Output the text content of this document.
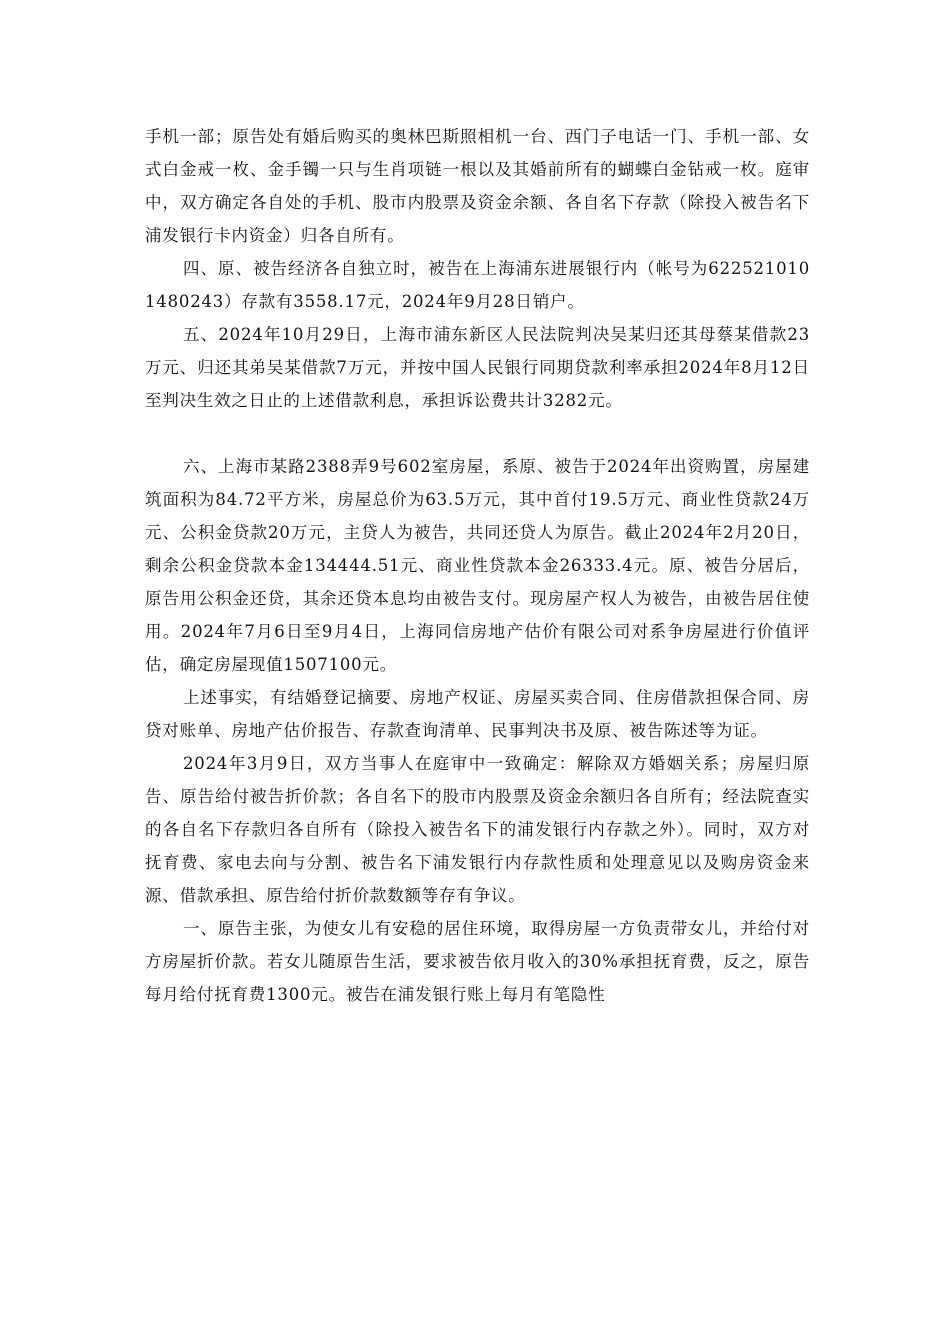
手机一部；原告处有婚后购买的奥林巴斯照相机一台、西门子电话一门、手机一部、女式白金戒一枚、金手镯一只与生肖项链一根以及其婚前所有的蝴蝶白金钻戒一枚。庭审中，双方确定各自处的手机、股市内股票及资金余额、各自名下存款（除投入被告名下浦发银行卡内资金）归各自所有。

四、原、被告经济各自独立时，被告在上海浦东进展银行内（帐号为6225210101480243）存款有3558.17元，2024年9月28日销户。

五、2024年10月29日，上海市浦东新区人民法院判决吴某归还其母蔡某借款23万元、归还其弟吴某借款7万元，并按中国人民银行同期贷款利率承担2024年8月12日至判决生效之日止的上述借款利息，承担诉讼费共计3282元。

六、上海市某路2388弄9号602室房屋，系原、被告于2024年出资购置，房屋建筑面积为84.72平方米，房屋总价为63.5万元，其中首付19.5万元、商业性贷款24万元、公积金贷款20万元，主贷人为被告，共同还贷人为原告。截止2024年2月20日，剩余公积金贷款本金134444.51元、商业性贷款本金26333.4元。原、被告分居后，原告用公积金还贷，其余还贷本息均由被告支付。现房屋产权人为被告，由被告居住使用。2024年7月6日至9月4日，上海同信房地产估价有限公司对系争房屋进行价值评估，确定房屋现值1507100元。

上述事实，有结婚登记摘要、房地产权证、房屋买卖合同、住房借款担保合同、房贷对账单、房地产估价报告、存款查询清单、民事判决书及原、被告陈述等为证。

2024年3月9日，双方当事人在庭审中一致确定：解除双方婚姻关系；房屋归原告、原告给付被告折价款；各自名下的股市内股票及资金余额归各自所有；经法院查实的各自名下存款归各自所有（除投入被告名下的浦发银行内存款之外）。同时，双方对抚育费、家电去向与分割、被告名下浦发银行内存款性质和处理意见以及购房资金来源、借款承担、原告给付折价款数额等存有争议。

一、原告主张，为使女儿有安稳的居住环境，取得房屋一方负责带女儿，并给付对方房屋折价款。若女儿随原告生活，要求被告依月收入的30%承担抚育费，反之，原告每月给付抚育费1300元。被告在浦发银行账上每月有笔隐性
